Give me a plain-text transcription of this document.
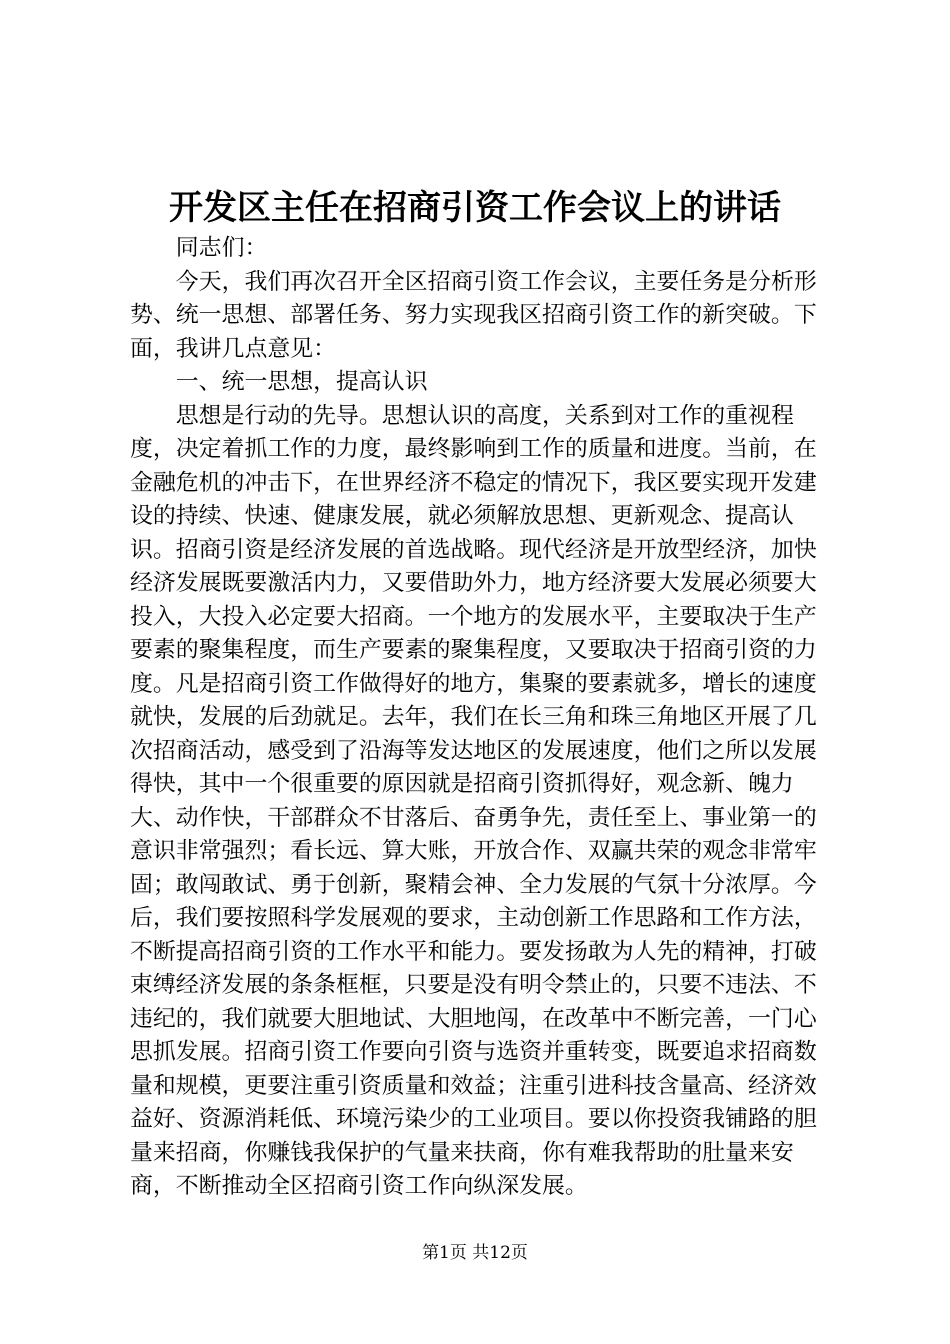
开发区主任在招商引资工作会议上的讲话

同志们：

今天，我们再次召开全区招商引资工作会议，主要任务是分析形势、统一思想、部署任务、努力实现我区招商引资工作的新突破。下面，我讲几点意见：

一、统一思想，提高认识

思想是行动的先导。思想认识的高度，关系到对工作的重视程度，决定着抓工作的力度，最终影响到工作的质量和进度。当前，在金融危机的冲击下，在世界经济不稳定的情况下，我区要实现开发建设的持续、快速、健康发展，就必须解放思想、更新观念、提高认识。招商引资是经济发展的首选战略。现代经济是开放型经济，加快经济发展既要激活内力，又要借助外力，地方经济要大发展必须要大投入，大投入必定要大招商。一个地方的发展水平，主要取决于生产要素的聚集程度，而生产要素的聚集程度，又要取决于招商引资的力度。凡是招商引资工作做得好的地方，集聚的要素就多，增长的速度就快，发展的后劲就足。去年，我们在长三角和珠三角地区开展了几次招商活动，感受到了沿海等发达地区的发展速度，他们之所以发展得快，其中一个很重要的原因就是招商引资抓得好，观念新、魄力大、动作快，干部群众不甘落后、奋勇争先，责任至上、事业第一的意识非常强烈；看长远、算大账，开放合作、双赢共荣的观念非常牢固；敢闯敢试、勇于创新，聚精会神、全力发展的气氛十分浓厚。今后，我们要按照科学发展观的要求，主动创新工作思路和工作方法，不断提高招商引资的工作水平和能力。要发扬敢为人先的精神，打破束缚经济发展的条条框框，只要是没有明令禁止的，只要不违法、不违纪的，我们就要大胆地试、大胆地闯，在改革中不断完善，一门心思抓发展。招商引资工作要向引资与选资并重转变，既要追求招商数量和规模，更要注重引资质量和效益；注重引进科技含量高、经济效益好、资源消耗低、环境污染少的工业项目。要以你投资我铺路的胆量来招商，你赚钱我保护的气量来扶商，你有难我帮助的肚量来安商，不断推动全区招商引资工作向纵深发展。

第1页 共12页
